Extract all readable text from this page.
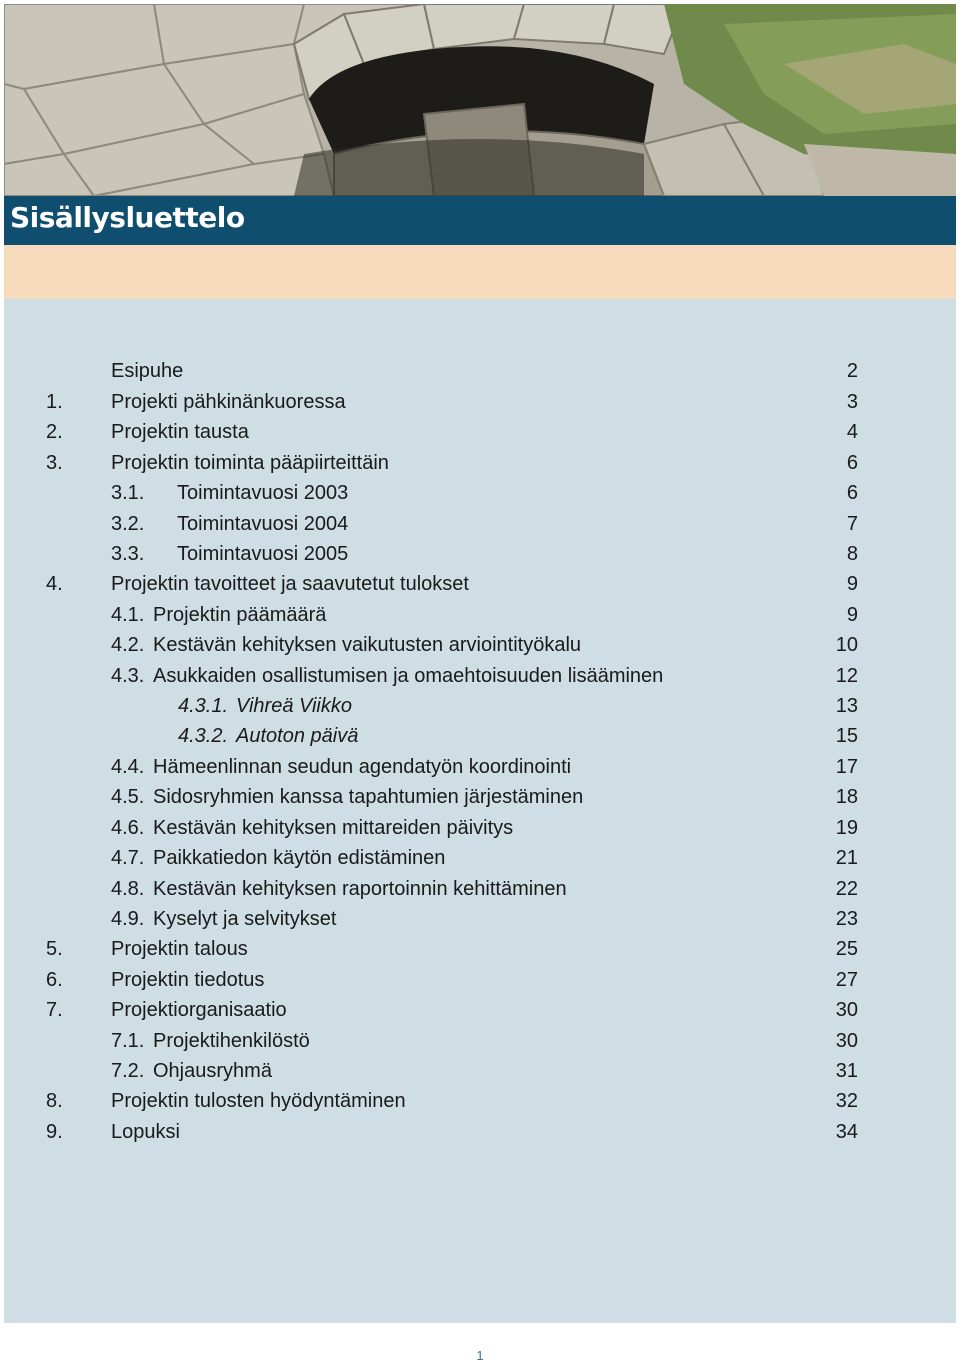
Sisällysluettelo
Esipuhe	2
1. Projekti pähkinänkuoressa	3
2. Projektin tausta	4
3. Projektin toiminta pääpiirteittäin	6
3.1. Toimintavuosi 2003	6
3.2. Toimintavuosi 2004	7
3.3. Toimintavuosi 2005	8
4. Projektin tavoitteet ja saavutetut tulokset	9
4.1. Projektin päämäärä	9
4.2. Kestävän kehityksen vaikutusten arviointityökalu	10
4.3. Asukkaiden osallistumisen ja omaehtoisuuden lisääminen	12
4.3.1. Vihreä Viikko	13
4.3.2. Autoton päivä	15
4.4. Hämeenlinnan seudun agendatyön koordinointi	17
4.5. Sidosryhmien kanssa tapahtumien järjestäminen	18
4.6. Kestävän kehityksen mittareiden päivitys	19
4.7. Paikkatiedon käytön edistäminen	21
4.8. Kestävän kehityksen raportoinnin kehittäminen	22
4.9. Kyselyt ja selvitykset	23
5. Projektin talous	25
6. Projektin tiedotus	27
7. Projektiorganisaatio	30
7.1. Projektihenkilöstö	30
7.2. Ohjausryhmä	31
8. Projektin tulosten hyödyntäminen	32
9. Lopuksi	34
1
